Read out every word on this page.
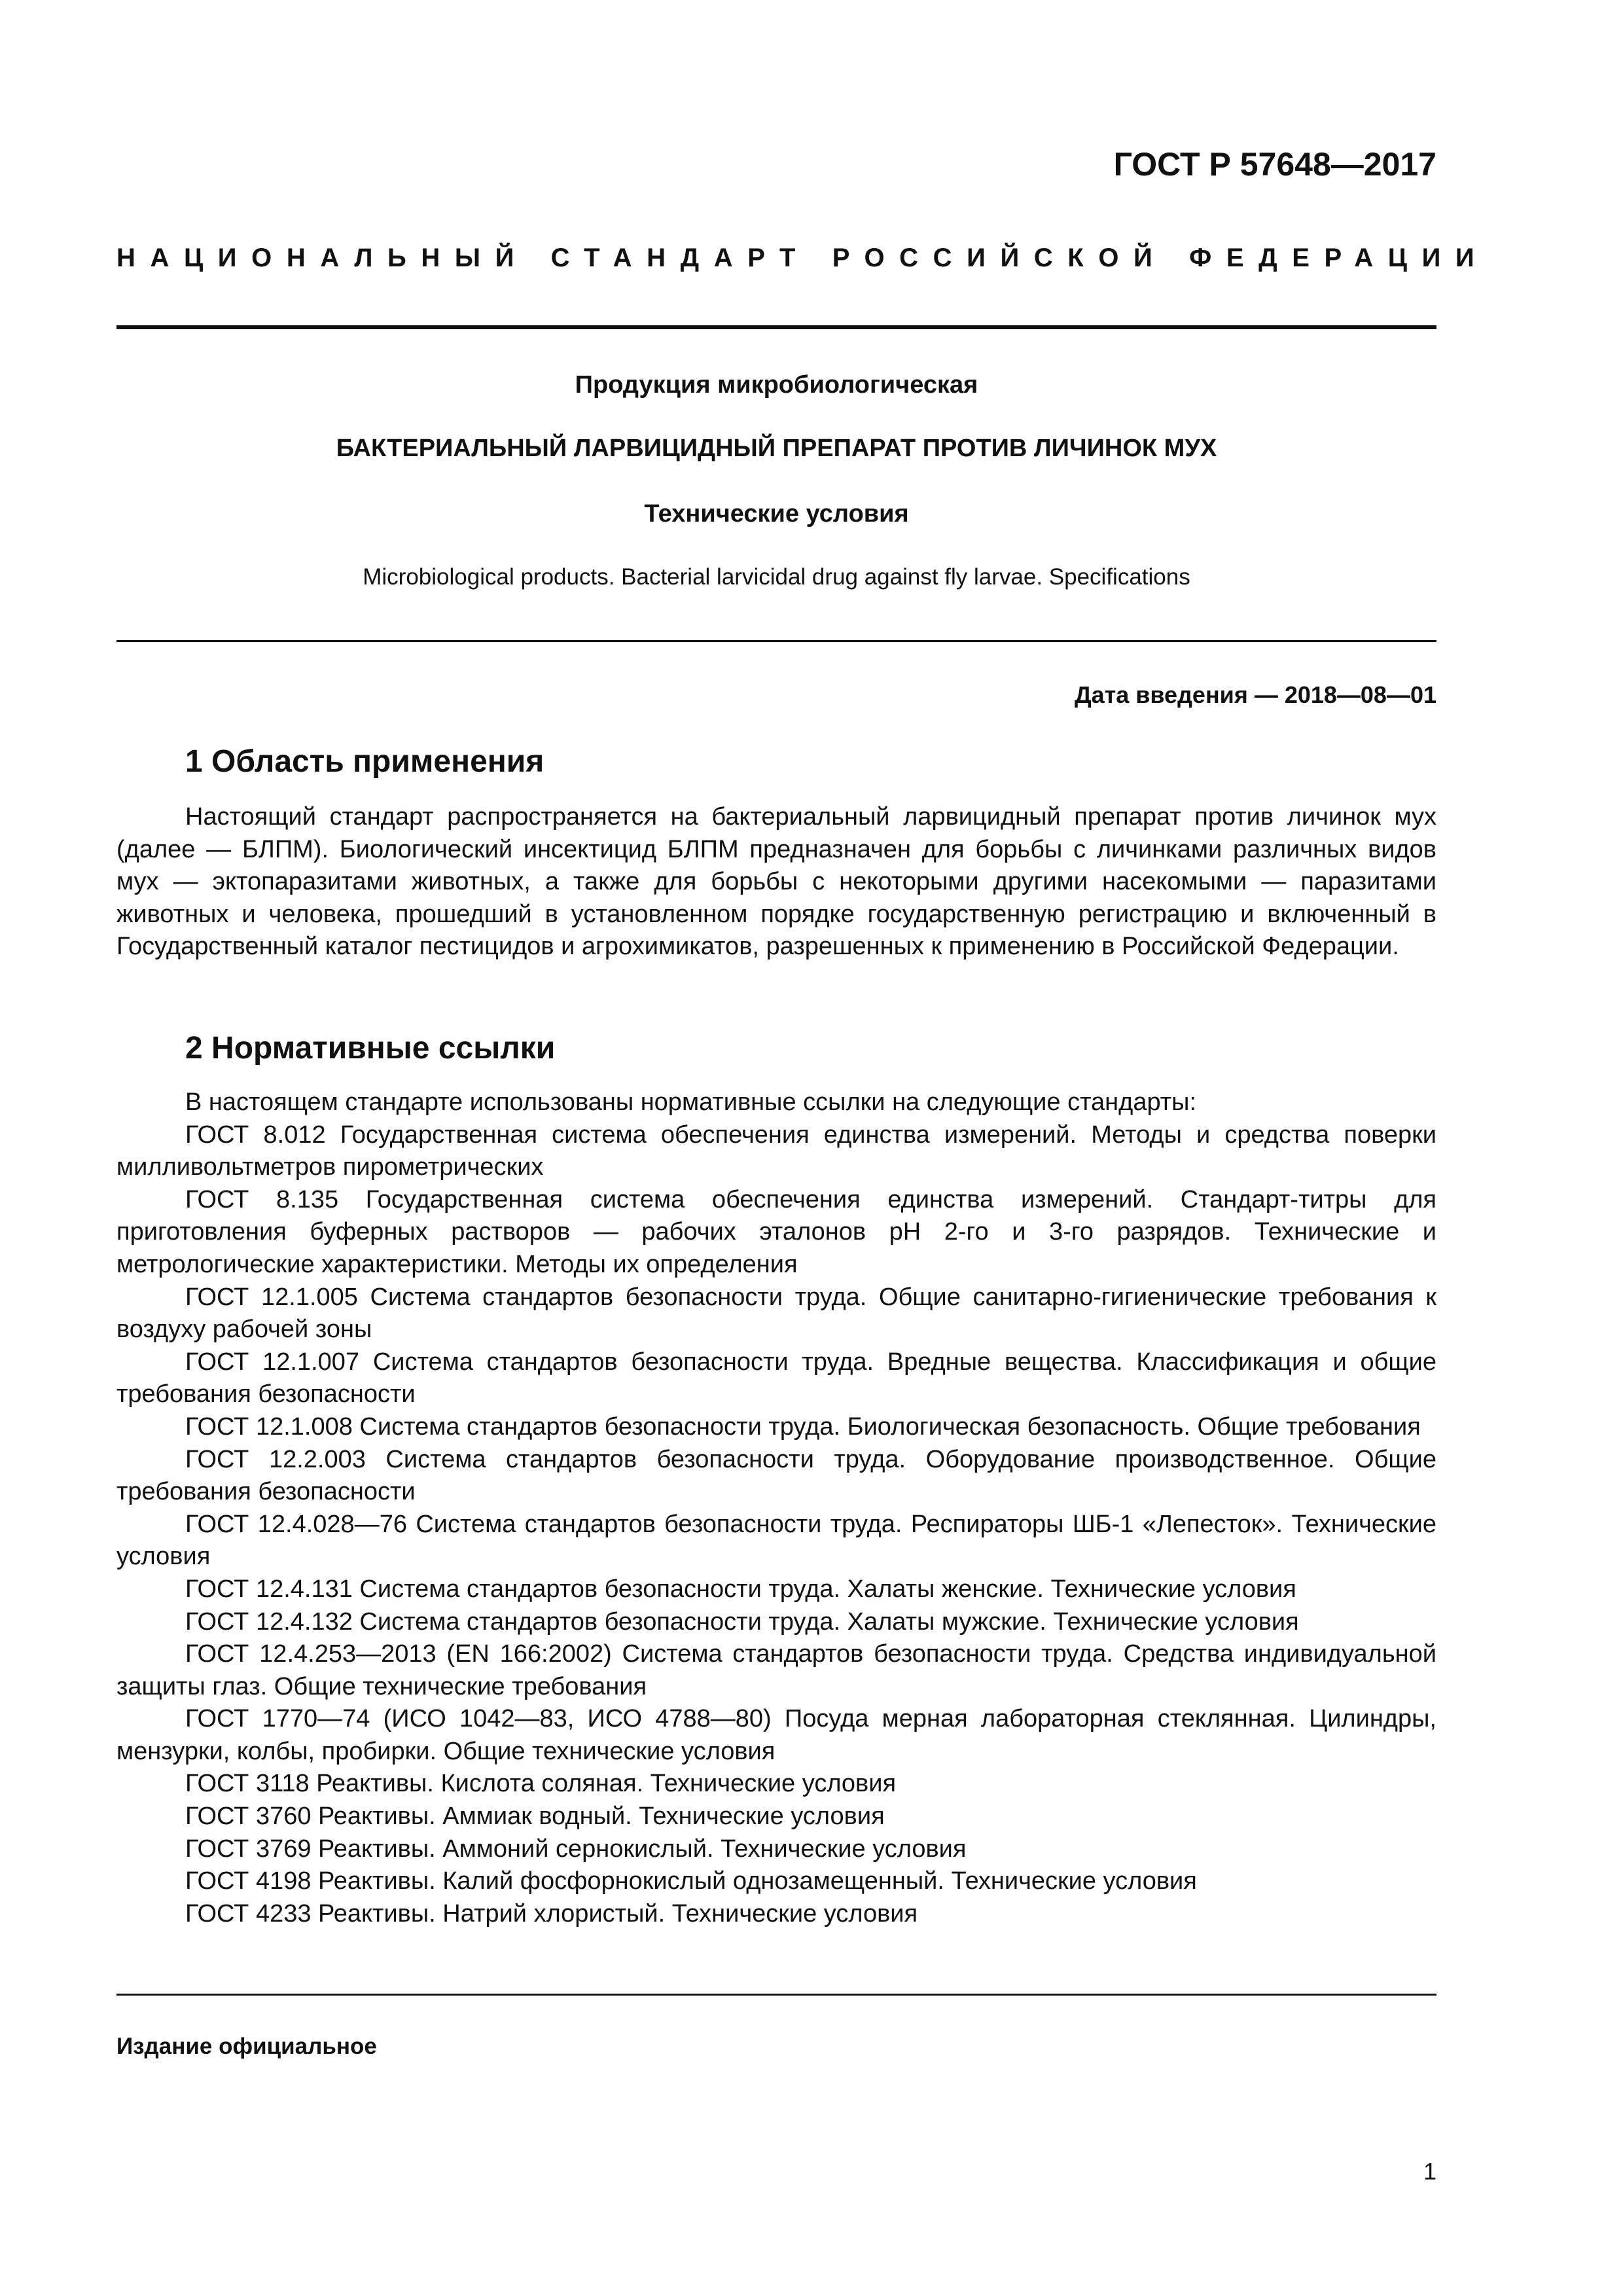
ГОСТ Р 57648—2017
НАЦИОНАЛЬНЫЙ СТАНДАРТ РОССИЙСКОЙ ФЕДЕРАЦИИ
Продукция микробиологическая
БАКТЕРИАЛЬНЫЙ ЛАРВИЦИДНЫЙ ПРЕПАРАТ ПРОТИВ ЛИЧИНОК МУХ
Технические условия
Microbiological products. Bacterial larvicidal drug against fly larvae. Specifications
Дата введения — 2018—08—01
1 Область применения
Настоящий стандарт распространяется на бактериальный ларвицидный препарат против личинок мух (далее — БЛПМ). Биологический инсектицид БЛПМ предназначен для борьбы с личинками различных видов мух — эктопаразитами животных, а также для борьбы с некоторыми другими насекомыми — паразитами животных и человека, прошедший в установленном порядке государственную регистрацию и включенный в Государственный каталог пестицидов и агрохимикатов, разрешенных к применению в Российской Федерации.
2 Нормативные ссылки
В настоящем стандарте использованы нормативные ссылки на следующие стандарты:
ГОСТ 8.012 Государственная система обеспечения единства измерений. Методы и средства поверки милливольтметров пирометрических
ГОСТ 8.135 Государственная система обеспечения единства измерений. Стандарт-титры для приготовления буферных растворов — рабочих эталонов pH 2-го и 3-го разрядов. Технические и метрологические характеристики. Методы их определения
ГОСТ 12.1.005 Система стандартов безопасности труда. Общие санитарно-гигиенические требования к воздуху рабочей зоны
ГОСТ 12.1.007 Система стандартов безопасности труда. Вредные вещества. Классификация и общие требования безопасности
ГОСТ 12.1.008 Система стандартов безопасности труда. Биологическая безопасность. Общие требования
ГОСТ 12.2.003 Система стандартов безопасности труда. Оборудование производственное. Общие требования безопасности
ГОСТ 12.4.028—76 Система стандартов безопасности труда. Респираторы ШБ-1 «Лепесток». Технические условия
ГОСТ 12.4.131 Система стандартов безопасности труда. Халаты женские. Технические условия
ГОСТ 12.4.132 Система стандартов безопасности труда. Халаты мужские. Технические условия
ГОСТ 12.4.253—2013 (EN 166:2002) Система стандартов безопасности труда. Средства индивидуальной защиты глаз. Общие технические требования
ГОСТ 1770—74 (ИСО 1042—83, ИСО 4788—80) Посуда мерная лабораторная стеклянная. Цилиндры, мензурки, колбы, пробирки. Общие технические условия
ГОСТ 3118 Реактивы. Кислота соляная. Технические условия
ГОСТ 3760 Реактивы. Аммиак водный. Технические условия
ГОСТ 3769 Реактивы. Аммоний сернокислый. Технические условия
ГОСТ 4198 Реактивы. Калий фосфорнокислый однозамещенный. Технические условия
ГОСТ 4233 Реактивы. Натрий хлористый. Технические условия
Издание официальное
1
